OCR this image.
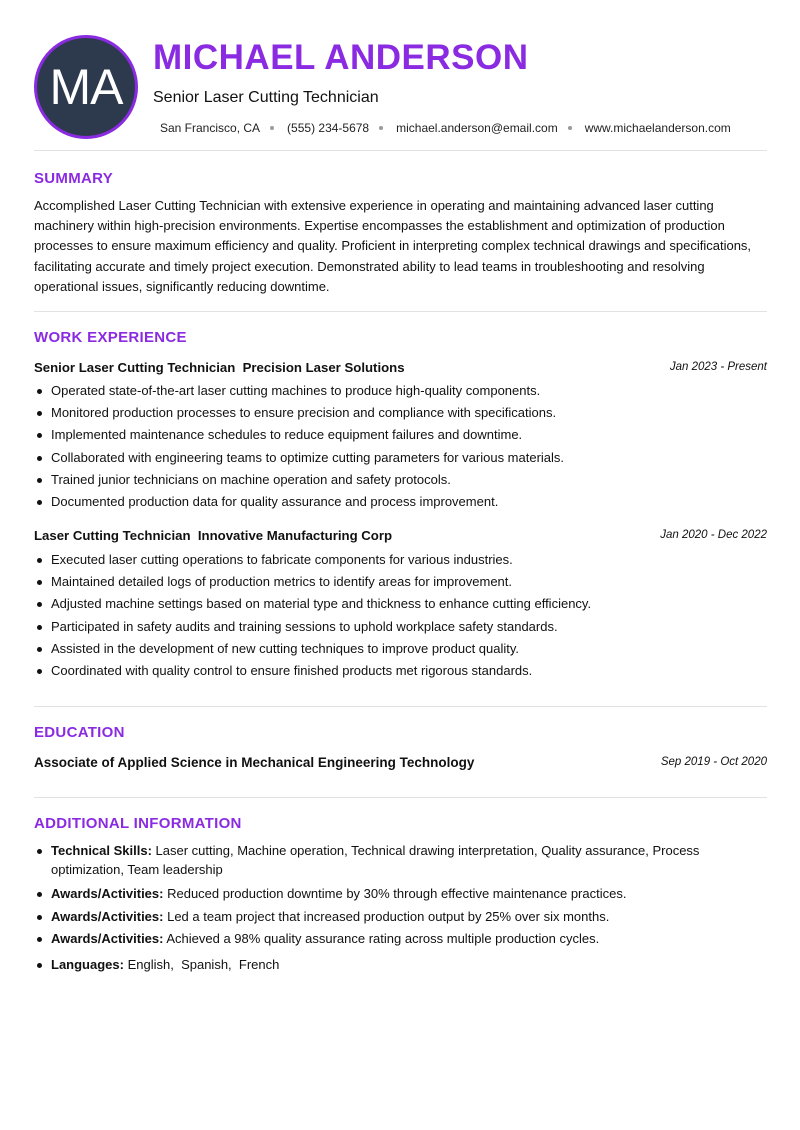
MA
MICHAEL ANDERSON
Senior Laser Cutting Technician
San Francisco, CA (555) 234-5678 michael.anderson@email.com www.michaelanderson.com
SUMMARY

Accomplished Laser Cutting Technician with extensive experience in operating and maintaining advanced laser cutting machinery within high-precision environments. Expertise encompasses the establishment and optimization of production processes to ensure maximum efficiency and quality. Proficient in interpreting complex technical drawings and specifications, facilitating accurate and timely project execution. Demonstrated ability to lead teams in troubleshooting and resolving operational issues, significantly reducing downtime.

WORK EXPERIENCE
Senior Laser Cutting Technician  Precision Laser Solutions	Jan 2023 - Present
Operated state-of-the-art laser cutting machines to produce high-quality components.
Monitored production processes to ensure precision and compliance with specifications.
Implemented maintenance schedules to reduce equipment failures and downtime.
Collaborated with engineering teams to optimize cutting parameters for various materials.
Trained junior technicians on machine operation and safety protocols.
Documented production data for quality assurance and process improvement.
Laser Cutting Technician  Innovative Manufacturing Corp	Jan 2020 - Dec 2022
Executed laser cutting operations to fabricate components for various industries.
Maintained detailed logs of production metrics to identify areas for improvement.
Adjusted machine settings based on material type and thickness to enhance cutting efficiency.
Participated in safety audits and training sessions to uphold workplace safety standards.
Assisted in the development of new cutting techniques to improve product quality.
Coordinated with quality control to ensure finished products met rigorous standards.
EDUCATION
Associate of Applied Science in Mechanical Engineering Technology	Sep 2019 - Oct 2020
ADDITIONAL INFORMATION
Technical Skills: Laser cutting, Machine operation, Technical drawing interpretation, Quality assurance, Process optimization, Team leadership
Awards/Activities: Reduced production downtime by 30% through effective maintenance practices.
Awards/Activities: Led a team project that increased production output by 25% over six months.
Awards/Activities: Achieved a 98% quality assurance rating across multiple production cycles.
Languages: English,  Spanish,  French
